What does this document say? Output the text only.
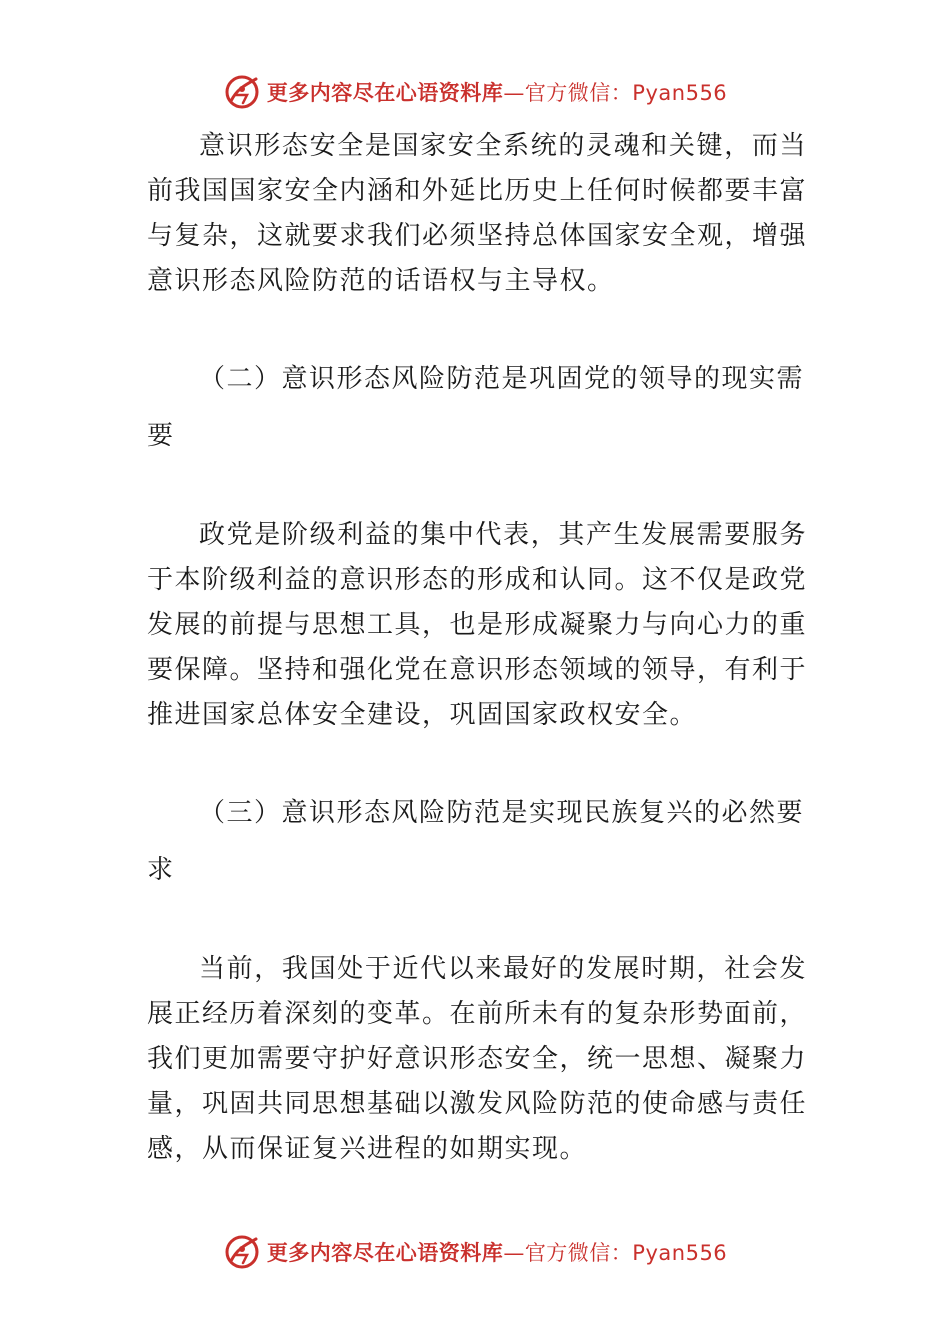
更多内容尽在心语资料库—官方微信：Pyan556

意识形态安全是国家安全系统的灵魂和关键，而当前我国国家安全内涵和外延比历史上任何时候都要丰富与复杂，这就要求我们必须坚持总体国家安全观，增强意识形态风险防范的话语权与主导权。

（二）意识形态风险防范是巩固党的领导的现实需要

政党是阶级利益的集中代表，其产生发展需要服务于本阶级利益的意识形态的形成和认同。这不仅是政党发展的前提与思想工具，也是形成凝聚力与向心力的重要保障。坚持和强化党在意识形态领域的领导，有利于推进国家总体安全建设，巩固国家政权安全。

（三）意识形态风险防范是实现民族复兴的必然要求

当前，我国处于近代以来最好的发展时期，社会发展正经历着深刻的变革。在前所未有的复杂形势面前，我们更加需要守护好意识形态安全，统一思想、凝聚力量，巩固共同思想基础以激发风险防范的使命感与责任感，从而保证复兴进程的如期实现。

更多内容尽在心语资料库—官方微信：Pyan556
